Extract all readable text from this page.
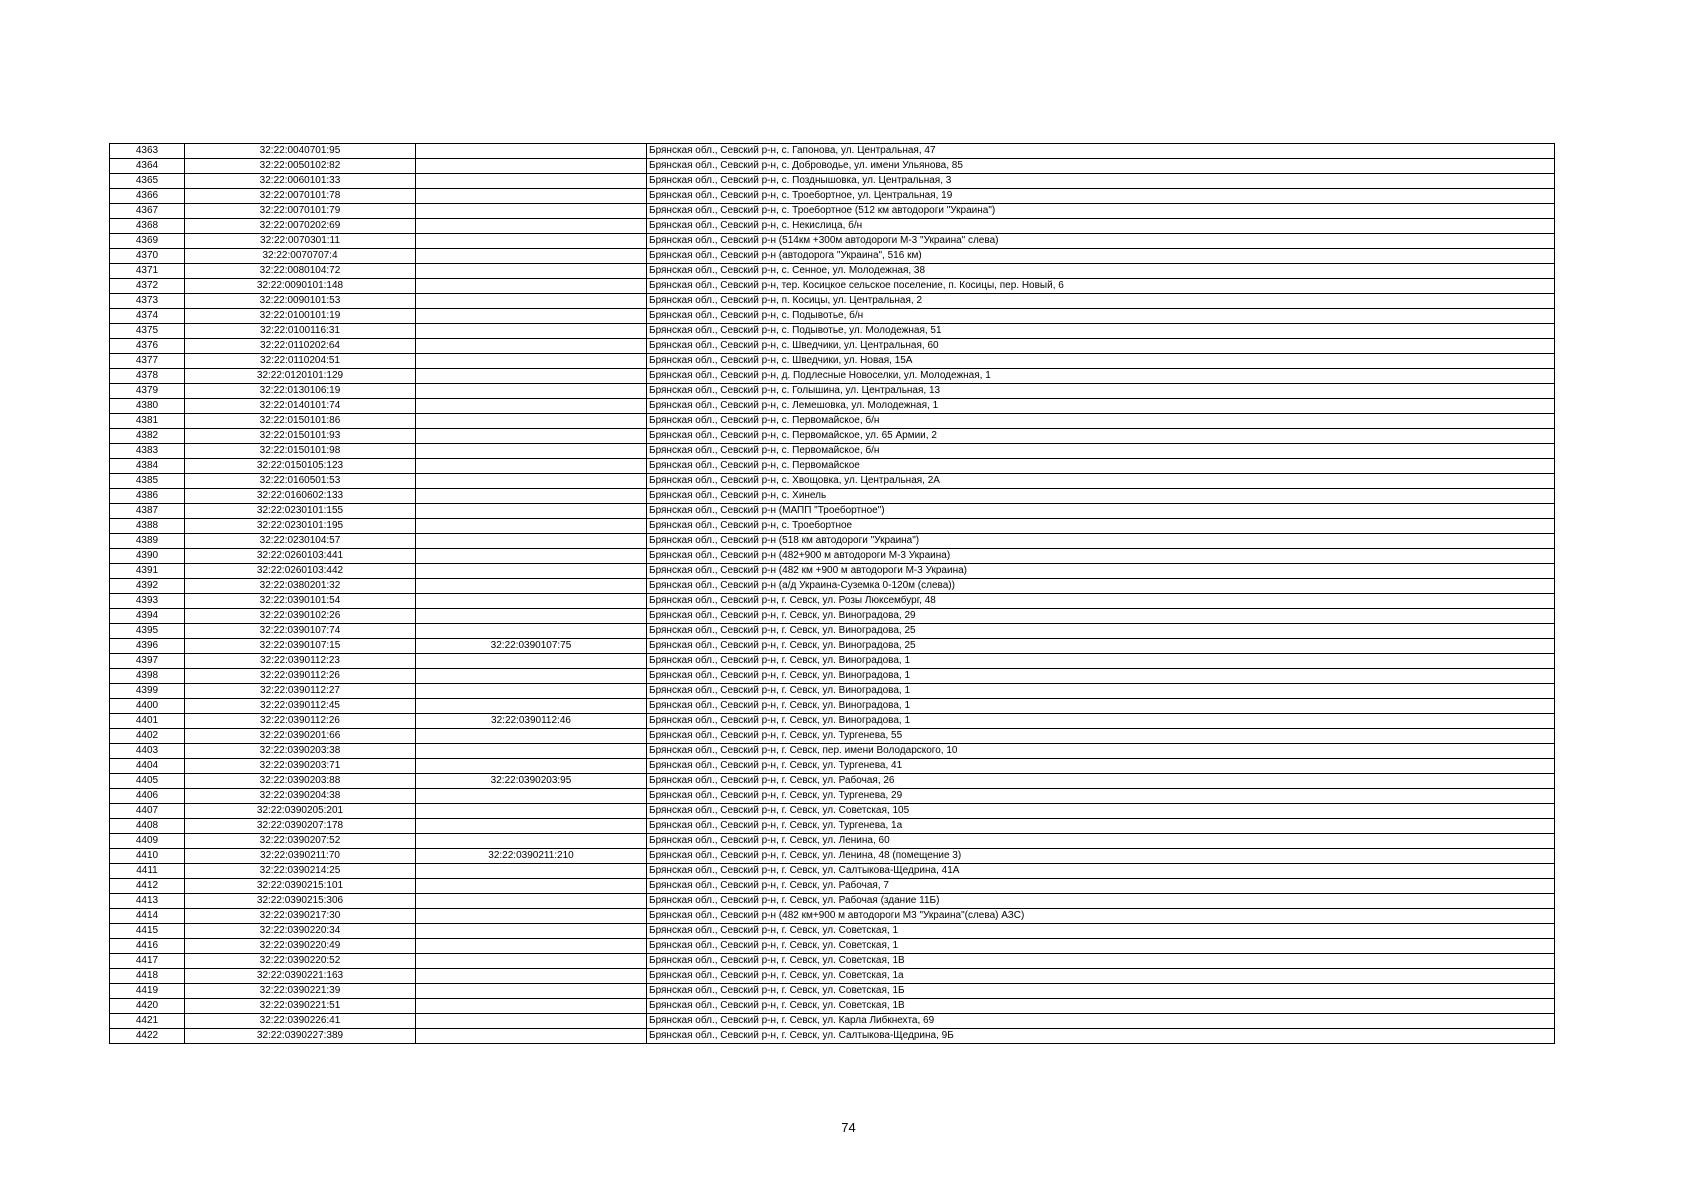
4363	32:22:0040701:95		Брянская обл., Севский р-н, с. Гапонова, ул. Центральная, 47
4364	32:22:0050102:82		Брянская обл., Севский р-н, с. Доброводье, ул. имени Ульянова, 85
4365	32:22:0060101:33		Брянская обл., Севский р-н, с. Позднышовка, ул. Центральная, 3
4366	32:22:0070101:78		Брянская обл., Севский р-н, с. Троебортное, ул. Центральная, 19
4367	32:22:0070101:79		Брянская обл., Севский р-н, с. Троебортное (512 км автодороги "Украина")
4368	32:22:0070202:69		Брянская обл., Севский р-н, с. Некислица, б/н
4369	32:22:0070301:11		Брянская обл., Севский р-н (514км +300м автодороги М-3 "Украина" слева)
4370	32:22:0070707:4		Брянская обл., Севский р-н (автодорога "Украина", 516 км)
4371	32:22:0080104:72		Брянская обл., Севский р-н, с. Сенное, ул. Молодежная, 38
4372	32:22:0090101:148		Брянская обл., Севский р-н, тер. Косицкое сельское поселение, п. Косицы, пер. Новый, 6
4373	32:22:0090101:53		Брянская обл., Севский р-н, п. Косицы, ул. Центральная, 2
4374	32:22:0100101:19		Брянская обл., Севский р-н, с. Подывотье, б/н
4375	32:22:0100116:31		Брянская обл., Севский р-н, с. Подывотье, ул. Молодежная, 51
4376	32:22:0110202:64		Брянская обл., Севский р-н, с. Шведчики, ул. Центральная, 60
4377	32:22:0110204:51		Брянская обл., Севский р-н, с. Шведчики, ул. Новая, 15А
4378	32:22:0120101:129		Брянская обл., Севский р-н, д. Подлесные Новоселки, ул. Молодежная, 1
4379	32:22:0130106:19		Брянская обл., Севский р-н, с. Голышина, ул. Центральная, 13
4380	32:22:0140101:74		Брянская обл., Севский р-н, с. Лемешовка, ул. Молодежная, 1
4381	32:22:0150101:86		Брянская обл., Севский р-н, с. Первомайское, б/н
4382	32:22:0150101:93		Брянская обл., Севский р-н, с. Первомайское, ул. 65 Армии, 2
4383	32:22:0150101:98		Брянская обл., Севский р-н, с. Первомайское, б/н
4384	32:22:0150105:123		Брянская обл., Севский р-н, с. Первомайское
4385	32:22:0160501:53		Брянская обл., Севский р-н, с. Хвощовка, ул. Центральная, 2А
4386	32:22:0160602:133		Брянская обл., Севский р-н, с. Хинель
4387	32:22:0230101:155		Брянская обл., Севский р-н (МАПП "Троебортное")
4388	32:22:0230101:195		Брянская обл., Севский р-н, с. Троебортное
4389	32:22:0230104:57		Брянская обл., Севский р-н (518 км автодороги "Украина")
4390	32:22:0260103:441		Брянская обл., Севский р-н (482+900 м автодороги М-3 Украина)
4391	32:22:0260103:442		Брянская обл., Севский р-н (482 км +900 м автодороги М-3 Украина)
4392	32:22:0380201:32		Брянская обл., Севский р-н (а/д Украина-Суземка 0-120м (слева))
4393	32:22:0390101:54		Брянская обл., Севский р-н, г. Севск, ул. Розы Люксембург, 48
4394	32:22:0390102:26		Брянская обл., Севский р-н, г. Севск, ул. Виноградова, 29
4395	32:22:0390107:74		Брянская обл., Севский р-н, г. Севск, ул. Виноградова, 25
4396	32:22:0390107:15	32:22:0390107:75	Брянская обл., Севский р-н, г. Севск, ул. Виноградова, 25
4397	32:22:0390112:23		Брянская обл., Севский р-н, г. Севск, ул. Виноградова, 1
4398	32:22:0390112:26		Брянская обл., Севский р-н, г. Севск, ул. Виноградова, 1
4399	32:22:0390112:27		Брянская обл., Севский р-н, г. Севск, ул. Виноградова, 1
4400	32:22:0390112:45		Брянская обл., Севский р-н, г. Севск, ул. Виноградова, 1
4401	32:22:0390112:26	32:22:0390112:46	Брянская обл., Севский р-н, г. Севск, ул. Виноградова, 1
4402	32:22:0390201:66		Брянская обл., Севский р-н, г. Севск, ул. Тургенева, 55
4403	32:22:0390203:38		Брянская обл., Севский р-н, г. Севск, пер. имени Володарского, 10
4404	32:22:0390203:71		Брянская обл., Севский р-н, г. Севск, ул. Тургенева, 41
4405	32:22:0390203:88	32:22:0390203:95	Брянская обл., Севский р-н, г. Севск, ул. Рабочая, 26
4406	32:22:0390204:38		Брянская обл., Севский р-н, г. Севск, ул. Тургенева, 29
4407	32:22:0390205:201		Брянская обл., Севский р-н, г. Севск, ул. Советская, 105
4408	32:22:0390207:178		Брянская обл., Севский р-н, г. Севск, ул. Тургенева, 1а
4409	32:22:0390207:52		Брянская обл., Севский р-н, г. Севск, ул. Ленина, 60
4410	32:22:0390211:70	32:22:0390211:210	Брянская обл., Севский р-н, г. Севск, ул. Ленина, 48 (помещение 3)
4411	32:22:0390214:25		Брянская обл., Севский р-н, г. Севск, ул. Салтыкова-Щедрина, 41А
4412	32:22:0390215:101		Брянская обл., Севский р-н, г. Севск, ул. Рабочая, 7
4413	32:22:0390215:306		Брянская обл., Севский р-н, г. Севск, ул. Рабочая (здание 11Б)
4414	32:22:0390217:30		Брянская обл., Севский р-н (482 км+900 м автодороги М3 "Украина"(слева) АЗС)
4415	32:22:0390220:34		Брянская обл., Севский р-н, г. Севск, ул. Советская, 1
4416	32:22:0390220:49		Брянская обл., Севский р-н, г. Севск, ул. Советская, 1
4417	32:22:0390220:52		Брянская обл., Севский р-н, г. Севск, ул. Советская, 1В
4418	32:22:0390221:163		Брянская обл., Севский р-н, г. Севск, ул. Советская, 1а
4419	32:22:0390221:39		Брянская обл., Севский р-н, г. Севск, ул. Советская, 1Б
4420	32:22:0390221:51		Брянская обл., Севский р-н, г. Севск, ул. Советская, 1В
4421	32:22:0390226:41		Брянская обл., Севский р-н, г. Севск, ул. Карла Либкнехта, 69
4422	32:22:0390227:389		Брянская обл., Севский р-н, г. Севск, ул. Салтыкова-Щедрина, 9Б
74
